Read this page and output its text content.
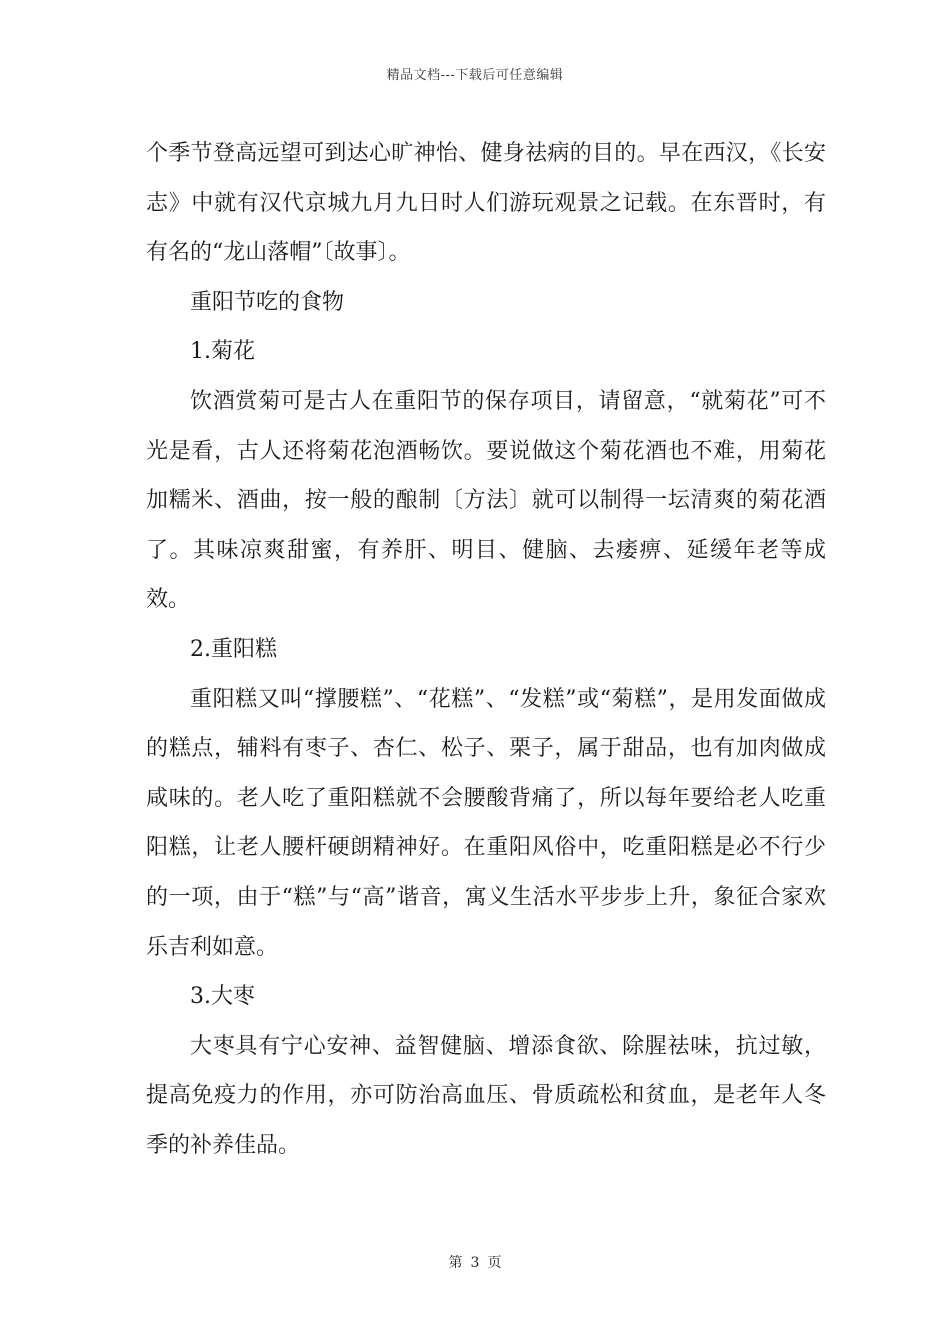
精品文档---下载后可任意编辑

个季节登高远望可到达心旷神怡、健身祛病的目的。早在西汉，《长安志》中就有汉代京城九月九日时人们游玩观景之记载。在东晋时，有有名的“龙山落帽”〔故事〕。

重阳节吃的食物

1.菊花

饮酒赏菊可是古人在重阳节的保存项目，请留意，“就菊花”可不光是看，古人还将菊花泡酒畅饮。要说做这个菊花酒也不难，用菊花加糯米、酒曲，按一般的酿制〔方法〕就可以制得一坛清爽的菊花酒了。其味凉爽甜蜜，有养肝、明目、健脑、去痿痹、延缓年老等成效。

2.重阳糕

重阳糕又叫“撑腰糕”、“花糕”、“发糕”或“菊糕”，是用发面做成的糕点，辅料有枣子、杏仁、松子、栗子，属于甜品，也有加肉做成咸味的。老人吃了重阳糕就不会腰酸背痛了，所以每年要给老人吃重阳糕，让老人腰杆硬朗精神好。在重阳风俗中，吃重阳糕是必不行少的一项，由于“糕”与“高”谐音，寓义生活水平步步上升，象征合家欢乐吉利如意。

3.大枣

大枣具有宁心安神、益智健脑、增添食欲、除腥祛味，抗过敏，提高免疫力的作用，亦可防治高血压、骨质疏松和贫血，是老年人冬季的补养佳品。

第 3 页
